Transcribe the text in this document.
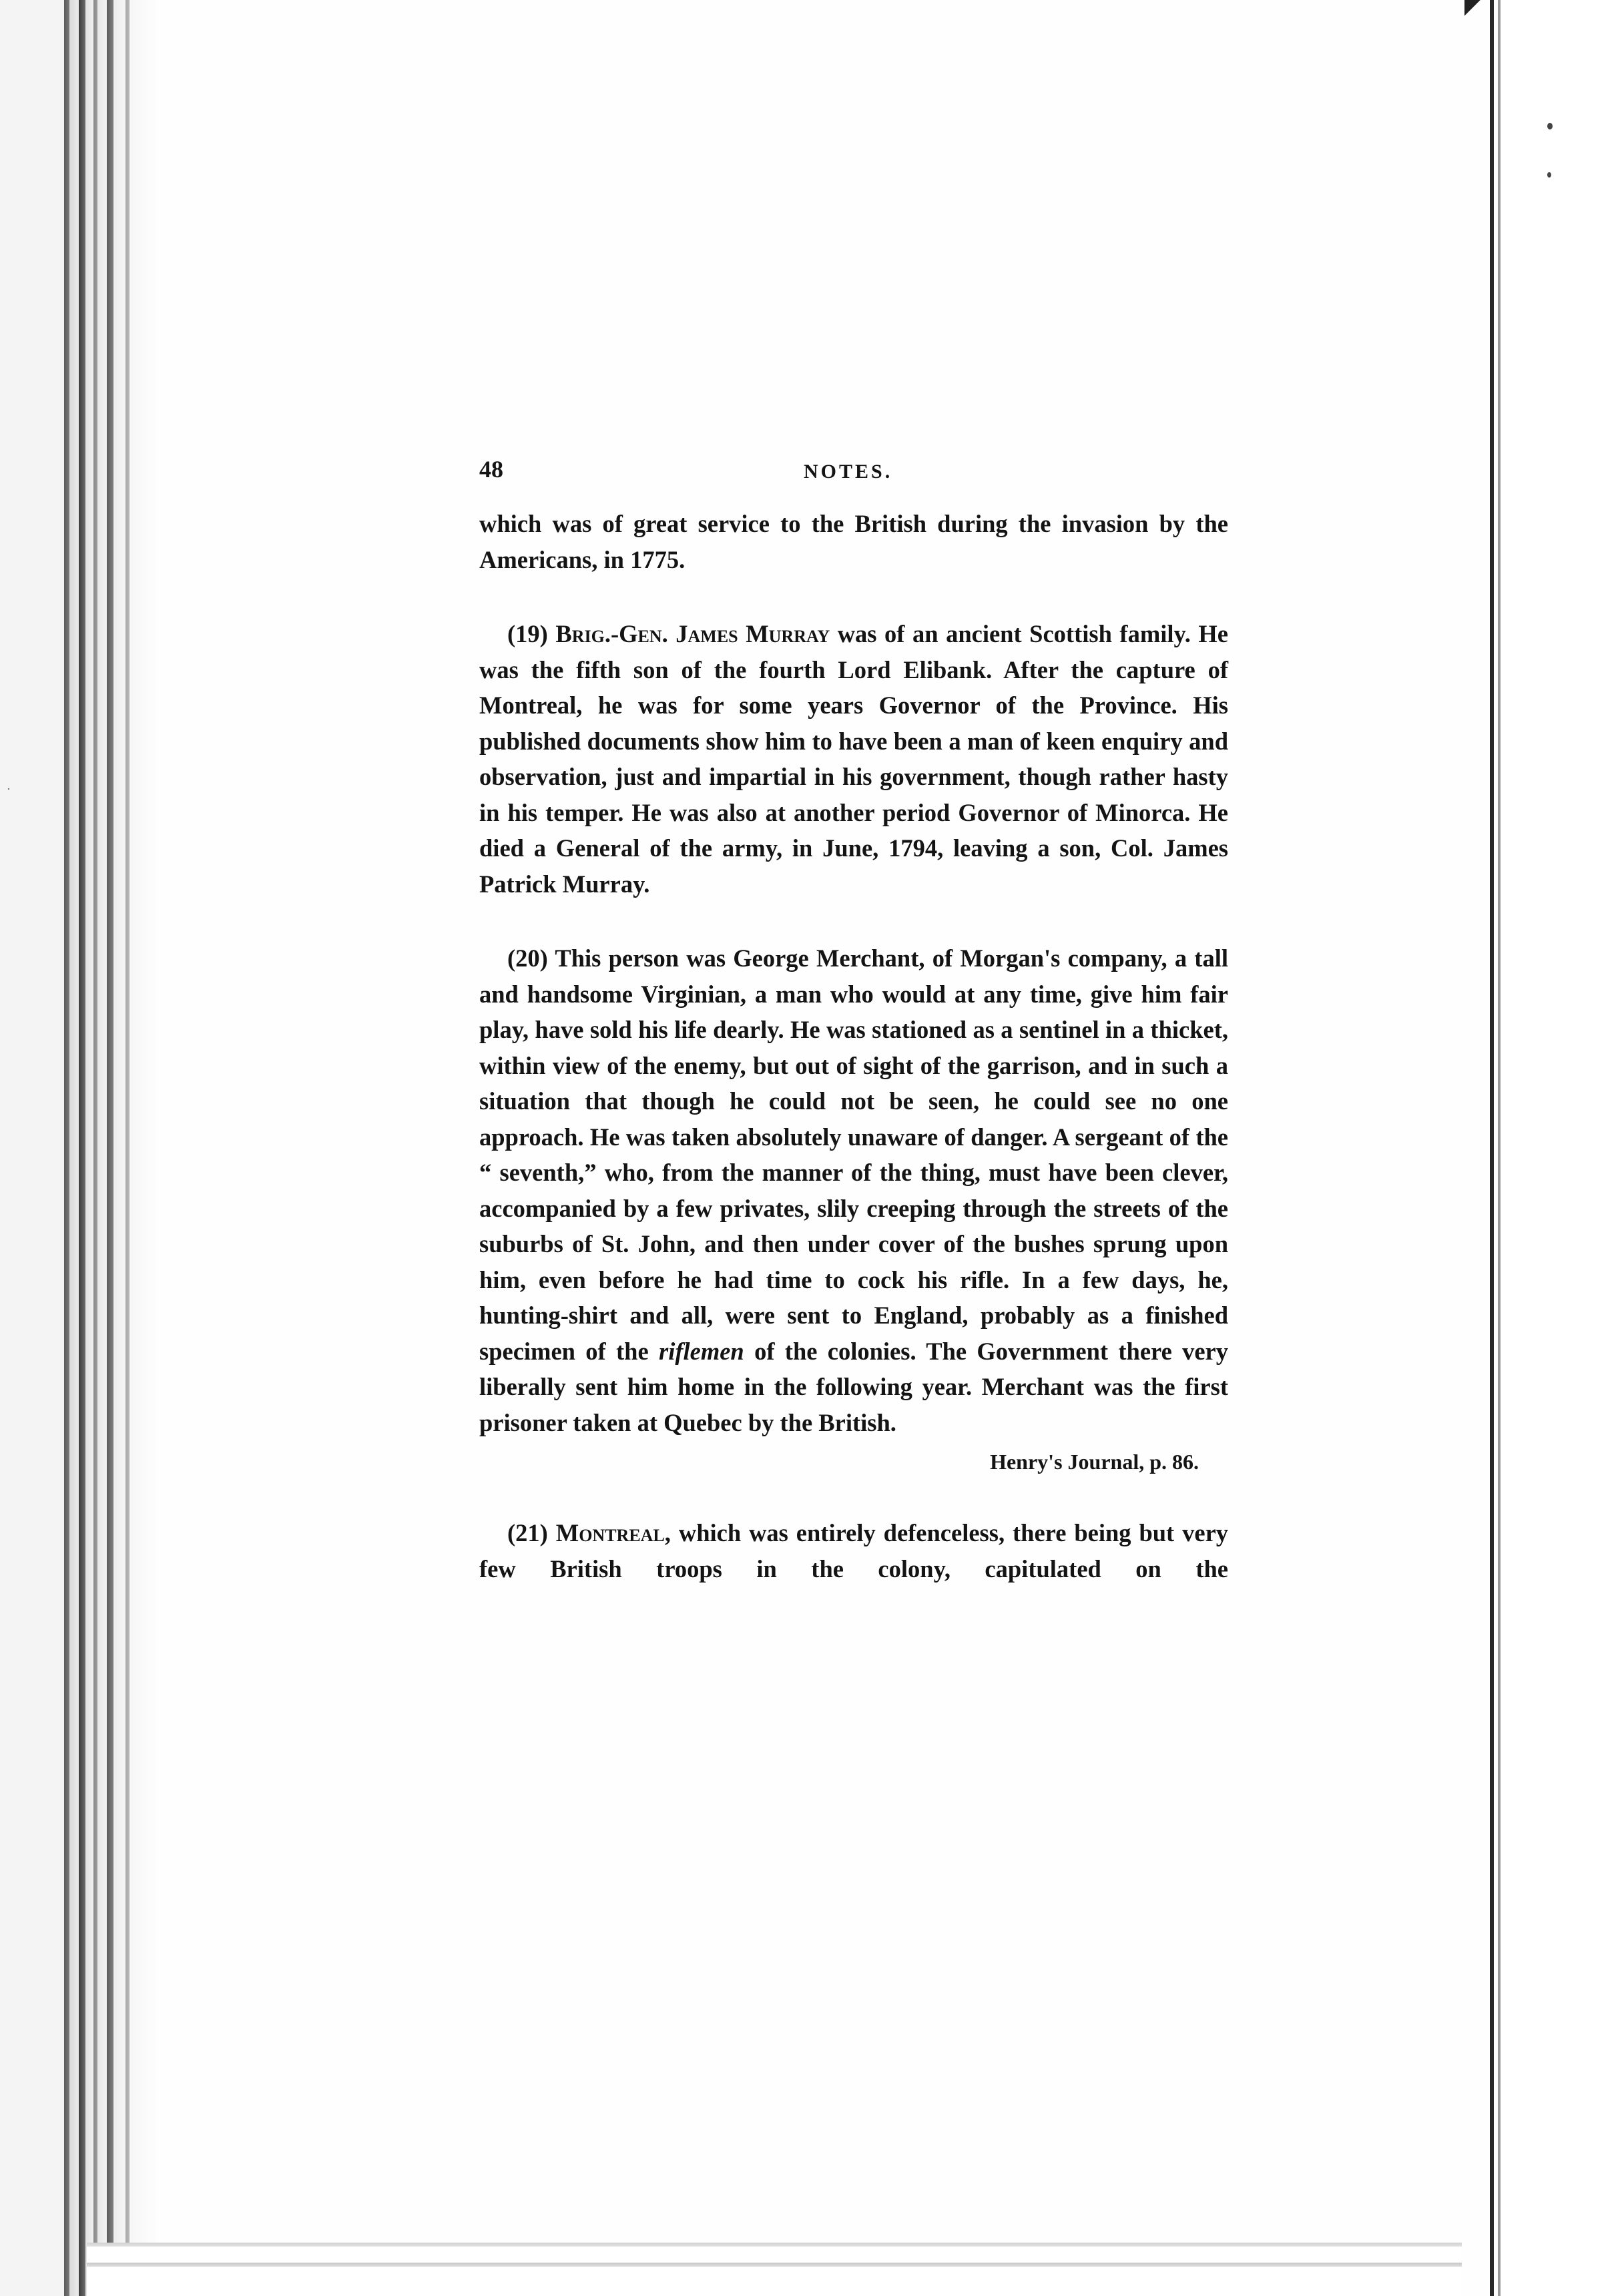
·
48	NOTES.

which was of great service to the British during the invasion by the Americans, in 1775.

(19) Brig.-Gen. James Murray was of an ancient Scottish family. He was the fifth son of the fourth Lord Elibank. After the capture of Montreal, he was for some years Governor of the Province. His published documents show him to have been a man of keen enquiry and observation, just and impartial in his government, though rather hasty in his temper. He was also at another period Governor of Minorca. He died a General of the army, in June, 1794, leaving a son, Col. James Patrick Murray.

(20) This person was George Merchant, of Morgan's company, a tall and handsome Virginian, a man who would at any time, give him fair play, have sold his life dearly. He was stationed as a sentinel in a thicket, within view of the enemy, but out of sight of the garrison, and in such a situation that though he could not be seen, he could see no one approach. He was taken absolutely unaware of danger. A sergeant of the “ seventh,” who, from the manner of the thing, must have been clever, accompanied by a few privates, slily creeping through the streets of the suburbs of St. John, and then under cover of the bushes sprung upon him, even before he had time to cock his rifle. In a few days, he, hunting-shirt and all, were sent to England, probably as a finished specimen of the riflemen of the colonies. The Government there very liberally sent him home in the following year. Merchant was the first prisoner taken at Quebec by the British.

Henry's Journal, p. 86.

(21) Montreal, which was entirely defenceless, there being but very few British troops in the colony, capitulated on the
